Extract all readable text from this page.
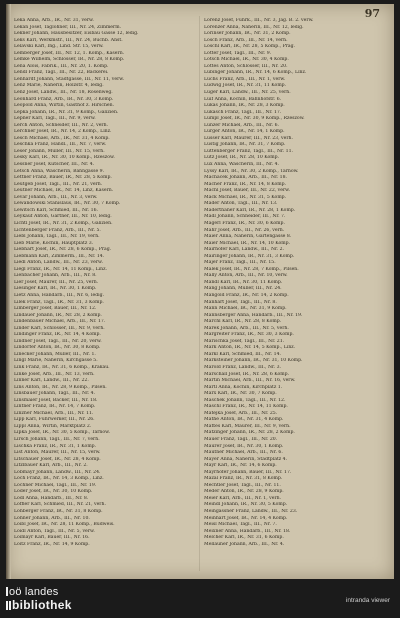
97
Leka Anna, Arb., IR., Nr. 31, verw.
Lekan Josef, Taglöhner, III., Nr. 24, Zimmerm.
Lekner Johann, Hausbesitzer, Eisbau Gasse 12, ledig.
Leks Karl, Werkmstr., III., Nr. 24, Buchb. Anst.
Lelavski Karl, Ing., Lind. Str. 15, verw.
Lemberger Josef, III., Nr. 12, 1. Komp., Kasern.
Lemke Wilhelm, Schlosser, IR., Nr. 28, 8 Komp.
Lena Alois, Fabrik., III., Nr. 20, 1. Komp.
Lendl Franz, Tagl., III., Nr. 22, Bäckerei.
Lenhardt Johann, Stadtgasse, III., Nr. 11, verw.
Lenz Marie, Näherin, Holzstr. 4, ledig.
Lenz Josef, Landw., III., Nr. 18, Rosenweg.
Leonhard Franz, Arb., IR., Nr. 30, 3 Komp.
Leopold Anna, Wirtin, Gasthof z. Hirschen.
Lepka Johann, IR., Nr. 31, 9 Komp., Galizien.
Lepner Karl, Tagl., III., Nr. 9, verw.
Lerch Anton, Schneider, III., Nr. 2, verh.
Lerchner Josef, IR., Nr. 14, 2 Komp., Linz.
Lesch Michael, Arb., IR., Nr. 31, 4 Komp.
Leschka Franz, Handl., III., Nr. 7, verw.
Leser Johann, Müller, III., Nr. 15, verh.
Lesky Karl, IR., Nr. 30, 10 Komp., Rzeszów.
Lessner Josef, Kutscher, III., Nr. 4.
Letsch Anna, Wäscherin, Bahngasse 9.
Lettner Franz, Bauer, IR., Nr. 28, 5 Komp.
Leutgeb Josef, Tagl., III., Nr. 21, verh.
Leutner Michael, IR., Nr. 14, Linz, Kasern.
Levar Johann, Arb., III., Nr. 3, verw.
Lewandowski Stanislaus, IR., Nr. 30, 7 Komp.
Lewitsch Karl, Schmied, III., Nr. 16.
Leykauf Anton, Gärtner, III., Nr. 10, ledig.
Lichtl Josef, IR., Nr. 31, 2 Komp., Galizien.
Lichtenberger Franz, Arb., III., Nr. 5.
Liebl Johann, Tagl., III., Nr. 19, verh.
Lieb Marie, Köchin, Hauptplatz 3.
Liebhart Josef, IR., Nr. 28, 6 Komp., Prag.
Liebmann Karl, Zimmerm., III., Nr. 14.
Liedl Anton, Landw., III., Nr. 23, verw.
Liegl Franz, IR., Nr. 14, 11 Komp., Linz.
Lienbacher Johann, Arb., III., Nr. 8.
Lier Josef, Maurer, III., Nr. 25, verh.
Liesinger Karl, IR., Nr. 30, 1 Komp.
Lietz Anna, Handarb., III., Nr. 6, ledig.
Lilek Franz, Tagl., IR., Nr. 31, 3 Komp.
Limberger Josef, Bauer, III., Nr. 12.
Lindauer Johann, IR., Nr. 28, 2 Komp.
Lindenbauer Michael, Arb., III., Nr. 17.
Linder Karl, Schlosser, III., Nr. 9, verh.
Lindinger Franz, IR., Nr. 14, 4 Komp.
Lindner Josef, Tagl., III., Nr. 20, verw.
Lindorfer Anton, IR., Nr. 30, 8 Komp.
Linecker Johann, Müller, III., Nr. 1.
Lingl Marie, Näherin, Kirchgasse 5.
Link Franz, IR., Nr. 31, 6 Komp., Krakau.
Linke Josef, Arb., III., Nr. 13, verh.
Linner Karl, Landw., III., Nr. 22.
Lins Anton, IR., Nr. 28, 9 Komp., Pilsen.
Linsbauer Johann, Tagl., III., Nr. 4.
Linsmaier Josef, Bäcker, III., Nr. 18.
Lintner Franz, IR., Nr. 14, 7 Komp.
Linzner Michael, Arb., III., Nr. 11.
Lipp Karl, Fuhrwerker, III., Nr. 26.
Lippl Anna, Wirtin, Marktplatz 2.
Lipka Josef, IR., Nr. 30, 5 Komp., Tarnów.
Lirsch Johann, Tagl., III., Nr. 7, verh.
Lischka Franz, IR., Nr. 31, 1 Komp.
List Anton, Maurer, III., Nr. 15, verw.
Litschauer Josef, IR., Nr. 28, 4 Komp.
Litzlbauer Karl, Arb., III., Nr. 2.
Lobmayr Johann, Landw., III., Nr. 24.
Loch Franz, IR., Nr. 14, 3 Komp., Linz.
Lochner Michael, Tagl., III., Nr. 19.
Loder Josef, IR., Nr. 30, 10 Komp.
Lödl Anna, Handarb., III., Nr. 8.
Löffler Karl, Schmied, III., Nr. 21, verh.
Lohberger Franz, IR., Nr. 31, 8 Komp.
Lohner Johann, Arb., III., Nr. 10.
Loibl Josef, IR., Nr. 28, 11 Komp., Budweis.
Loidl Anton, Tagl., III., Nr. 5, verw.
Loimayr Karl, Bauer, III., Nr. 16.
Loitz Franz, IR., Nr. 14, 9 Komp.
Lorenz Josef, Fuhrk., III., Nr. 3, Jäg. B. 2. verw.
Lorenzer Anna, Näherin, III., Nr. 12, ledig.
Lorinser Johann, IR., Nr. 31, 2 Komp.
Lösch Franz, Arb., III., Nr. 14, verh.
Löschl Karl, IR., Nr. 28, 5 Komp., Prag.
Lotter Josef, Tagl., III., Nr. 9.
Lötsch Michael, IR., Nr. 30, 4 Komp.
Lottes Anton, Schlosser, III., Nr. 20.
Lubinger Johann, IR., Nr. 14, 6 Komp., Linz.
Luchs Franz, Arb., III., Nr. 1, verw.
Ludwig Josef, IR., Nr. 31, 11 Komp.
Luger Karl, Landw., III., Nr. 25, verh.
Luif Anna, Köchin, Bahnhofstr. 6.
Lukas Johann, IR., Nr. 28, 3 Komp.
Lukasch Franz, Tagl., III., Nr. 17.
Lumpl Josef, IR., Nr. 30, 9 Komp., Rzeszów.
Lunzer Michael, Arb., III., Nr. 6.
Lurger Anton, IR., Nr. 14, 1 Komp.
Lusser Karl, Maurer, III., Nr. 23, verh.
Lustig Johann, IR., Nr. 31, 7 Komp.
Luttenberger Franz, Tagl., III., Nr. 11.
Lutz Josef, IR., Nr. 28, 10 Komp.
Lux Anna, Wäscherin, III., Nr. 4.
Lyssy Karl, IR., Nr. 30, 2 Komp., Tarnów.
Machacek Johann, Arb., III., Nr. 18.
Macher Franz, IR., Nr. 14, 8 Komp.
Machl Josef, Bauer, III., Nr. 22, verw.
Mack Michael, IR., Nr. 31, 5 Komp.
Mader Anton, Tagl., III., Nr. 13.
Maderthaner Karl, IR., Nr. 28, 1 Komp.
Madl Johann, Schneider, III., Nr. 7.
Magerl Franz, IR., Nr. 30, 6 Komp.
Mahr Josef, Arb., III., Nr. 26, verh.
Maier Anna, Näherin, Gartengasse 8.
Maier Michael, IR., Nr. 14, 10 Komp.
Mairhofer Karl, Landw., III., Nr. 2.
Mairinger Johann, IR., Nr. 31, 3 Komp.
Majer Franz, Tagl., III., Nr. 15.
Malek Josef, IR., Nr. 28, 7 Komp., Pilsen.
Mally Anton, Arb., III., Nr. 10, verw.
Mandl Karl, IR., Nr. 30, 11 Komp.
Mang Johann, Müller, III., Nr. 24.
Mangold Franz, IR., Nr. 14, 2 Komp.
Manhart Josef, Tagl., III., Nr. 8.
Mann Michael, IR., Nr. 31, 9 Komp.
Mannsberger Anna, Handarb., III., Nr. 19.
Marchl Karl, IR., Nr. 28, 8 Komp.
Marek Johann, Arb., III., Nr. 5, verh.
Margreiter Franz, IR., Nr. 30, 3 Komp.
Marischka Josef, Tagl., III., Nr. 21.
Mark Anton, IR., Nr. 14, 5 Komp., Linz.
Markl Karl, Schmied, III., Nr. 14.
Marksteiner Johann, IR., Nr. 31, 10 Komp.
Marold Franz, Landw., III., Nr. 3.
Marschall Josef, IR., Nr. 28, 6 Komp.
Martin Michael, Arb., III., Nr. 16, verw.
Martl Anna, Köchin, Kirchplatz 1.
Marx Karl, IR., Nr. 30, 7 Komp.
Maschek Johann, Tagl., III., Nr. 12.
Maschl Franz, IR., Nr. 14, 11 Komp.
Matejka Josef, Arb., III., Nr. 25.
Mathe Anton, IR., Nr. 31, 4 Komp.
Mattes Karl, Maurer, III., Nr. 9, verh.
Matzinger Johann, IR., Nr. 28, 2 Komp.
Mauer Franz, Tagl., III., Nr. 20.
Maurer Josef, IR., Nr. 30, 1 Komp.
Mautner Michael, Arb., III., Nr. 6.
Mayer Anna, Näherin, Stadtplatz 4.
Mayr Karl, IR., Nr. 14, 6 Komp.
Mayrhofer Johann, Bauer, III., Nr. 17.
Mazal Franz, IR., Nr. 31, 8 Komp.
Mechtler Josef, Tagl., III., Nr. 11.
Meder Anton, IR., Nr. 28, 9 Komp.
Meier Karl, Arb., III., Nr. 1, verh.
Meindl Johann, IR., Nr. 30, 5 Komp.
Meingassner Franz, Landw., III., Nr. 23.
Meinhart Josef, IR., Nr. 14, 4 Komp.
Meisl Michael, Tagl., III., Nr. 7.
Meixner Anna, Handarb., III., Nr. 18.
Melcher Karl, IR., Nr. 31, 6 Komp.
Mellauner Johann, Arb., III., Nr. 4.
oö landes
bibliothek	intranda viewer
